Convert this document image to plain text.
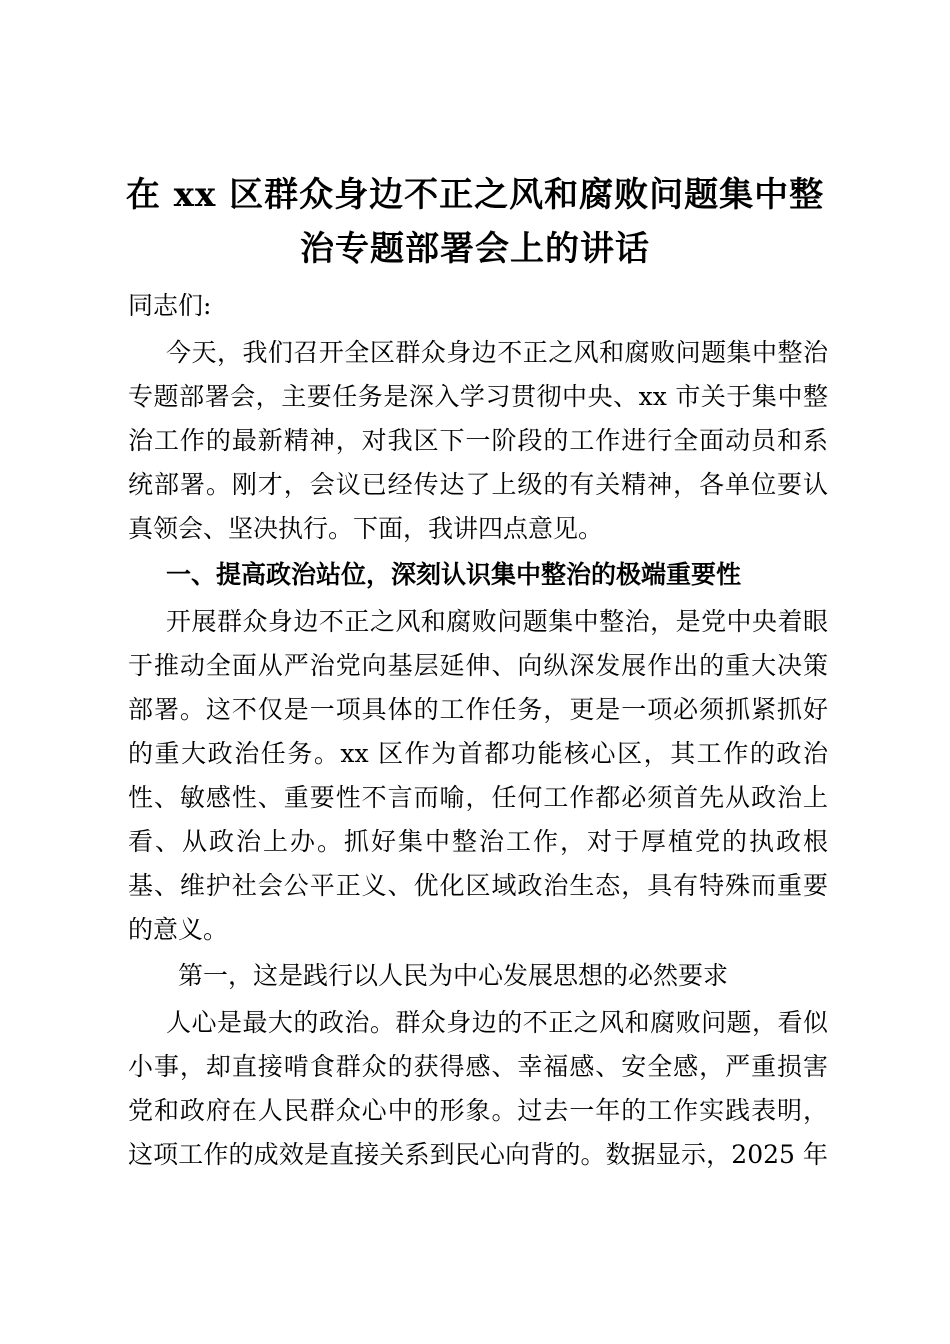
在 xx 区群众身边不正之风和腐败问题集中整
治专题部署会上的讲话
同志们:
今天，我们召开全区群众身边不正之风和腐败问题集中整治
专题部署会，主要任务是深入学习贯彻中央、xx 市关于集中整
治工作的最新精神，对我区下一阶段的工作进行全面动员和系
统部署。刚才，会议已经传达了上级的有关精神，各单位要认
真领会、坚决执行。下面，我讲四点意见。
一、提高政治站位，深刻认识集中整治的极端重要性
开展群众身边不正之风和腐败问题集中整治，是党中央着眼
于推动全面从严治党向基层延伸、向纵深发展作出的重大决策
部署。这不仅是一项具体的工作任务，更是一项必须抓紧抓好
的重大政治任务。xx 区作为首都功能核心区，其工作的政治
性、敏感性、重要性不言而喻，任何工作都必须首先从政治上
看、从政治上办。抓好集中整治工作，对于厚植党的执政根
基、维护社会公平正义、优化区域政治生态，具有特殊而重要
的意义。
第一，这是践行以人民为中心发展思想的必然要求
人心是最大的政治。群众身边的不正之风和腐败问题，看似
小事，却直接啃食群众的获得感、幸福感、安全感，严重损害
党和政府在人民群众心中的形象。过去一年的工作实践表明，
这项工作的成效是直接关系到民心向背的。数据显示，2025 年
